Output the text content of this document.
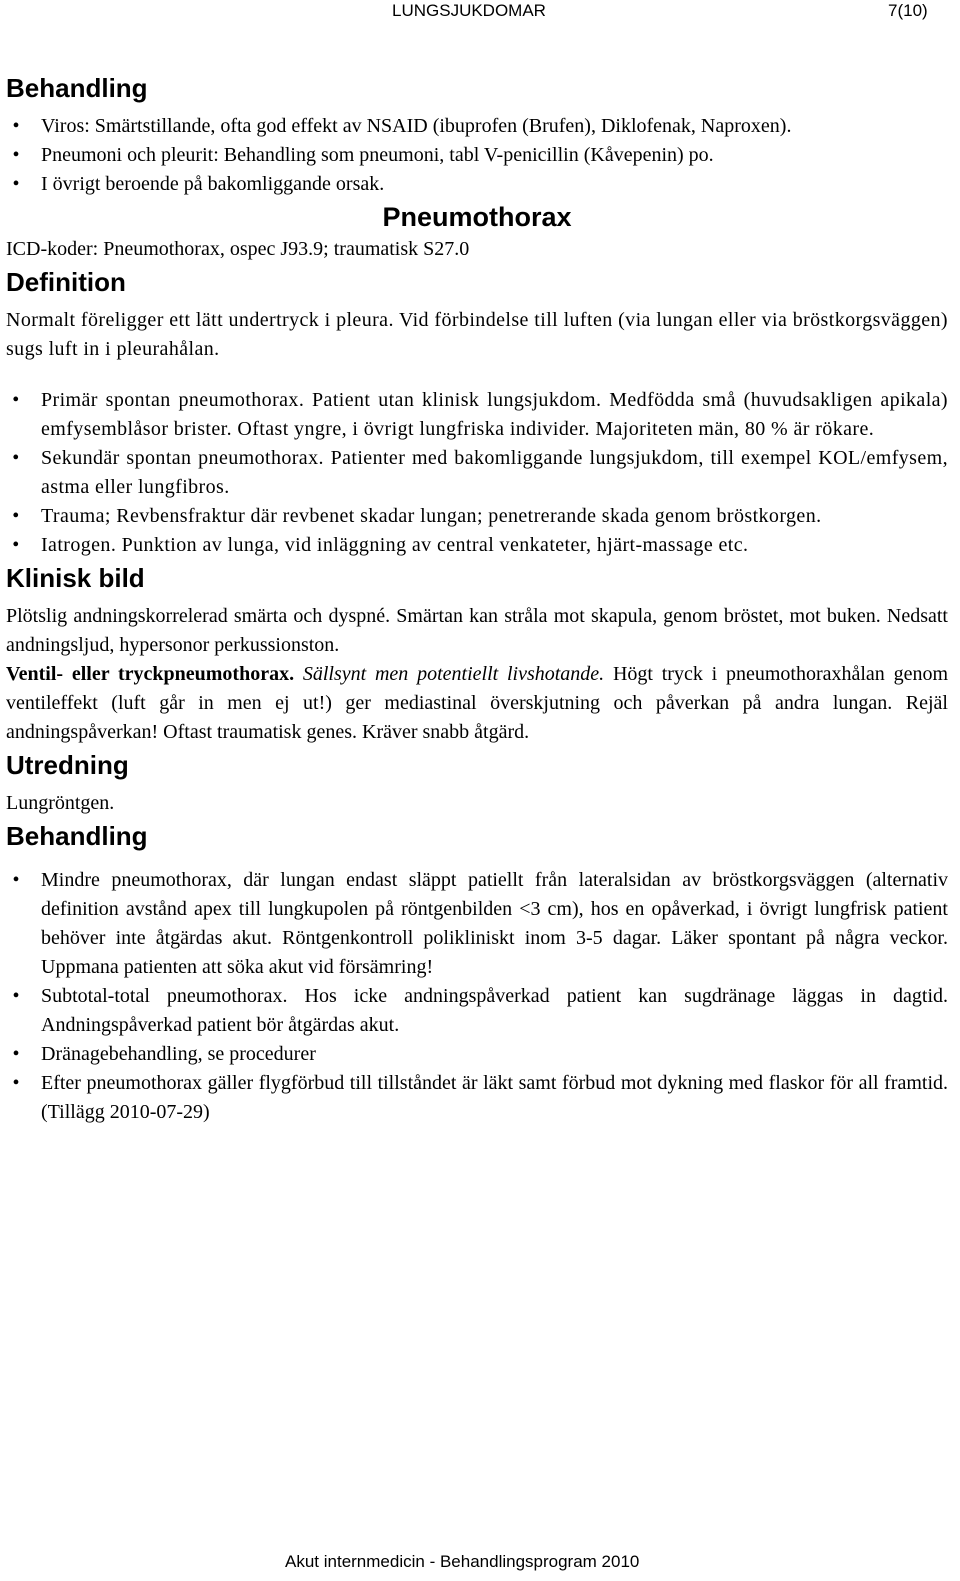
LUNGSJUKDOMAR	7(10)
Behandling
•	Viros: Smärtstillande, ofta god effekt av NSAID (ibuprofen (Brufen), Diklofenak, Naproxen).
•	Pneumoni och pleurit: Behandling som pneumoni, tabl V-penicillin (Kåvepenin) po.
•	I övrigt beroende på bakomliggande orsak.
Pneumothorax

ICD-koder: Pneumothorax, ospec J93.9; traumatisk S27.0

Definition

Normalt föreligger ett lätt undertryck i pleura. Vid förbindelse till luften (via lungan eller via bröstkorgsväggen) sugs luft in i pleurahålan.

•	Primär spontan pneumothorax. Patient utan klinisk lungsjukdom. Medfödda små (huvudsakligen apikala) emfysemblåsor brister. Oftast yngre, i övrigt lungfriska individer. Majoriteten män, 80 % är rökare.
•	Sekundär spontan pneumothorax. Patienter med bakomliggande lungsjukdom, till exempel KOL/emfysem, astma eller lungfibros.
•	Trauma; Revbensfraktur där revbenet skadar lungan; penetrerande skada genom bröstkorgen.
•	Iatrogen. Punktion av lunga, vid inläggning av central venkateter, hjärt-massage etc.
Klinisk bild

Plötslig andningskorrelerad smärta och dyspné. Smärtan kan stråla mot skapula, genom bröstet, mot buken. Nedsatt andningsljud, hypersonor perkussionston.

Ventil- eller tryckpneumothorax. Sällsynt men potentiellt livshotande. Högt tryck i pneumothoraxhålan genom ventileffekt (luft går in men ej ut!) ger mediastinal överskjutning och påverkan på andra lungan. Rejäl andningspåverkan! Oftast traumatisk genes. Kräver snabb åtgärd.

Utredning

Lungröntgen.

Behandling
•	Mindre pneumothorax, där lungan endast släppt patiellt från lateralsidan av bröstkorgsväggen (alternativ definition avstånd apex till lungkupolen på röntgenbilden <3 cm), hos en opåverkad, i övrigt lungfrisk patient behöver inte åtgärdas akut. Röntgenkontroll polikliniskt inom 3-5 dagar. Läker spontant på några veckor. Uppmana patienten att söka akut vid försämring!
•	Subtotal-total pneumothorax. Hos icke andningspåverkad patient kan sugdränage läggas in dagtid. Andningspåverkad patient bör åtgärdas akut.
•	Dränagebehandling, se procedurer
•	Efter pneumothorax gäller flygförbud till tillståndet är läkt samt förbud mot dykning med flaskor för all framtid. (Tillägg 2010-07-29)
Akut internmedicin - Behandlingsprogram 2010
